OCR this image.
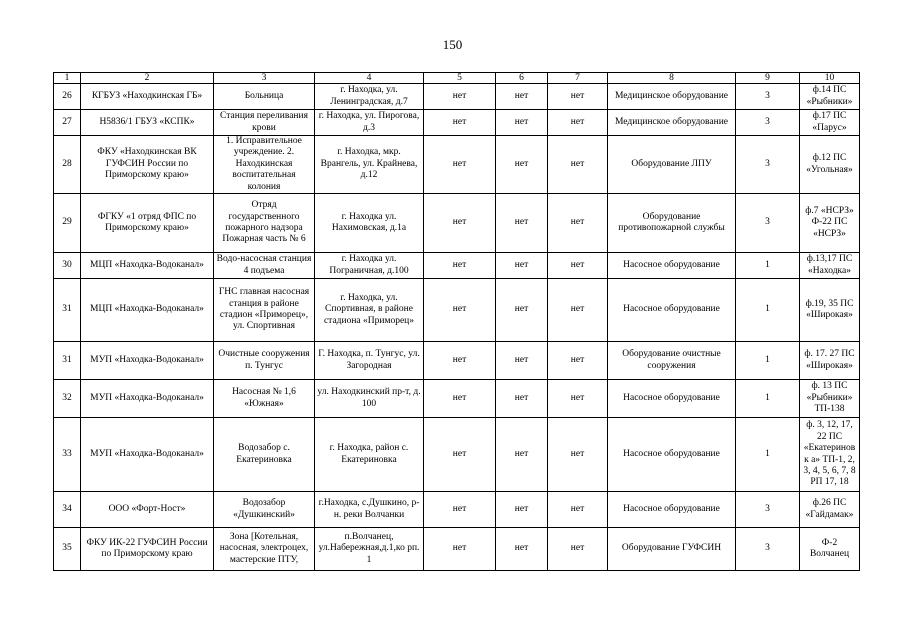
150
1	2	3	4	5	6	7	8	9	10
26	КГБУЗ «Находкинская ГБ»	Больница	г. Находка, ул. Ленинградская, д.7	нет	нет	нет	Медицинское оборудование	3	ф.14 ПС «Рыбники»
27	Н5836/1 ГБУЗ «КСПК»	Станция переливания крови	г. Находка, ул. Пирогова, д.3	нет	нет	нет	Медицинское оборудование	3	ф.17 ПС «Парус»
28	ФКУ «Находкинская ВК ГУФСИН России по Приморскому краю»	1. Исправительное учреждение. 2. Находкинская воспитательная колония	г. Находка, мкр. Врангель, ул. Крайнева, д.12	нет	нет	нет	Оборудование ЛПУ	3	ф.12 ПС «Угольная»
29	ФГКУ «1 отряд ФПС по Приморскому краю»	Отряд государственного пожарного надзора Пожарная часть № 6	г. Находка ул. Нахимовская, д.1а	нет	нет	нет	Оборудование противопожарной службы	3	ф.7 «НСРЗ» Ф-22 ПС «НСРЗ»
30	МЦП «Находка-Водоканал»	Водо-насосная станция 4 подъема	г. Находка ул. Пограничная, д.100	нет	нет	нет	Насосное оборудование	1	ф.13,17 ПС «Находка»
31	МЦП «Находка-Водоканал»	ГНС главная насосная станция в районе стадион «Приморец», ул. Спортивная	г. Находка, ул. Спортивная, в районе стадиона «Приморец»	нет	нет	нет	Насосное оборудование	1	ф.19, 35 ПС «Широкая»
31	МУП «Находка-Водоканал»	Очистные сооружения п. Тунгус	Г. Находка, п. Тунгус, ул. Загородная	нет	нет	нет	Оборудование очистные сооружения	1	ф. 17. 27 ПС «Широкая»
32	МУП «Находка-Водоканал»	Насосная № 1,6 «Южная»	ул. Находкинский пр-т, д. 100	нет	нет	нет	Насосное оборудование	1	ф. 13 ПС «Рыбники» ТП-138
33	МУП «Находка-Водоканал»	Водозабор с. Екатериновка	г. Находка, район с. Екатериновка	нет	нет	нет	Насосное оборудование	1	ф. 3, 12, 17, 22 ПС «Екатериновк а» ТП-1, 2, 3, 4, 5, 6, 7, 8 РП 17, 18
34	ООО «Форт-Ност»	Водозабор «Душкинский»	г.Находка, с.Душкино, р-н. реки Волчанки	нет	нет	нет	Насосное оборудование	3	ф.26 ПС «Гайдамак»
35	ФКУ ИК-22 ГУФСИН России по Приморскому краю	Зона [Котельная, насосная, электроцех, мастерские ПТУ,	п.Волчанец, ул.Набережная,д.1,ко рп. 1	нет	нет	нет	Оборудование ГУФСИН	3	Ф-2 Волчанец
